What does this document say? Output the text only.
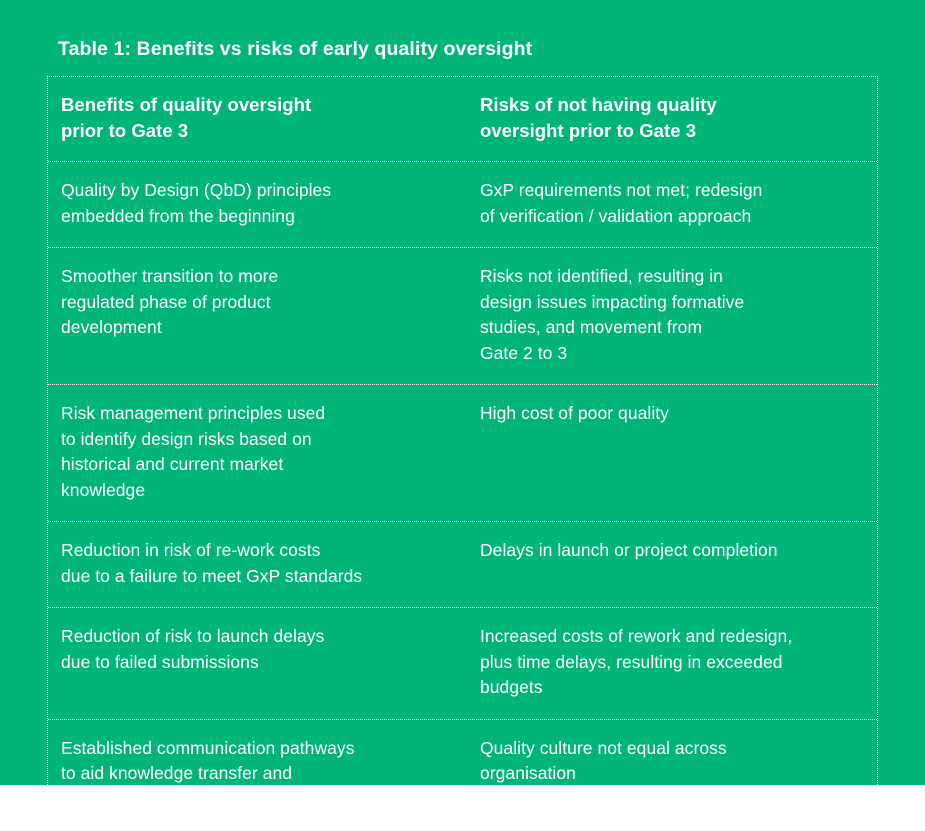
Table 1: Benefits vs risks of early quality oversight

Benefits of quality oversight

prior to Gate 3

Risks of not having quality

oversight prior to Gate 3

Quality by Design (QbD) principles

embedded from the beginning

GxP requirements not met; redesign

of verification / validation approach

Smoother transition to more

regulated phase of product

development

Risks not identified, resulting in

design issues impacting formative

studies, and movement from

Gate 2 to 3

Risk management principles used

to identify design risks based on

historical and current market

knowledge

High cost of poor quality

Reduction in risk of re-work costs

due to a failure to meet GxP standards

Delays in launch or project completion

Reduction of risk to launch delays

due to failed submissions

Increased costs of rework and redesign,

plus time delays, resulting in exceeded

budgets

Established communication pathways

to aid knowledge transfer and

continuous improvement

Quality culture not equal across

organisation
